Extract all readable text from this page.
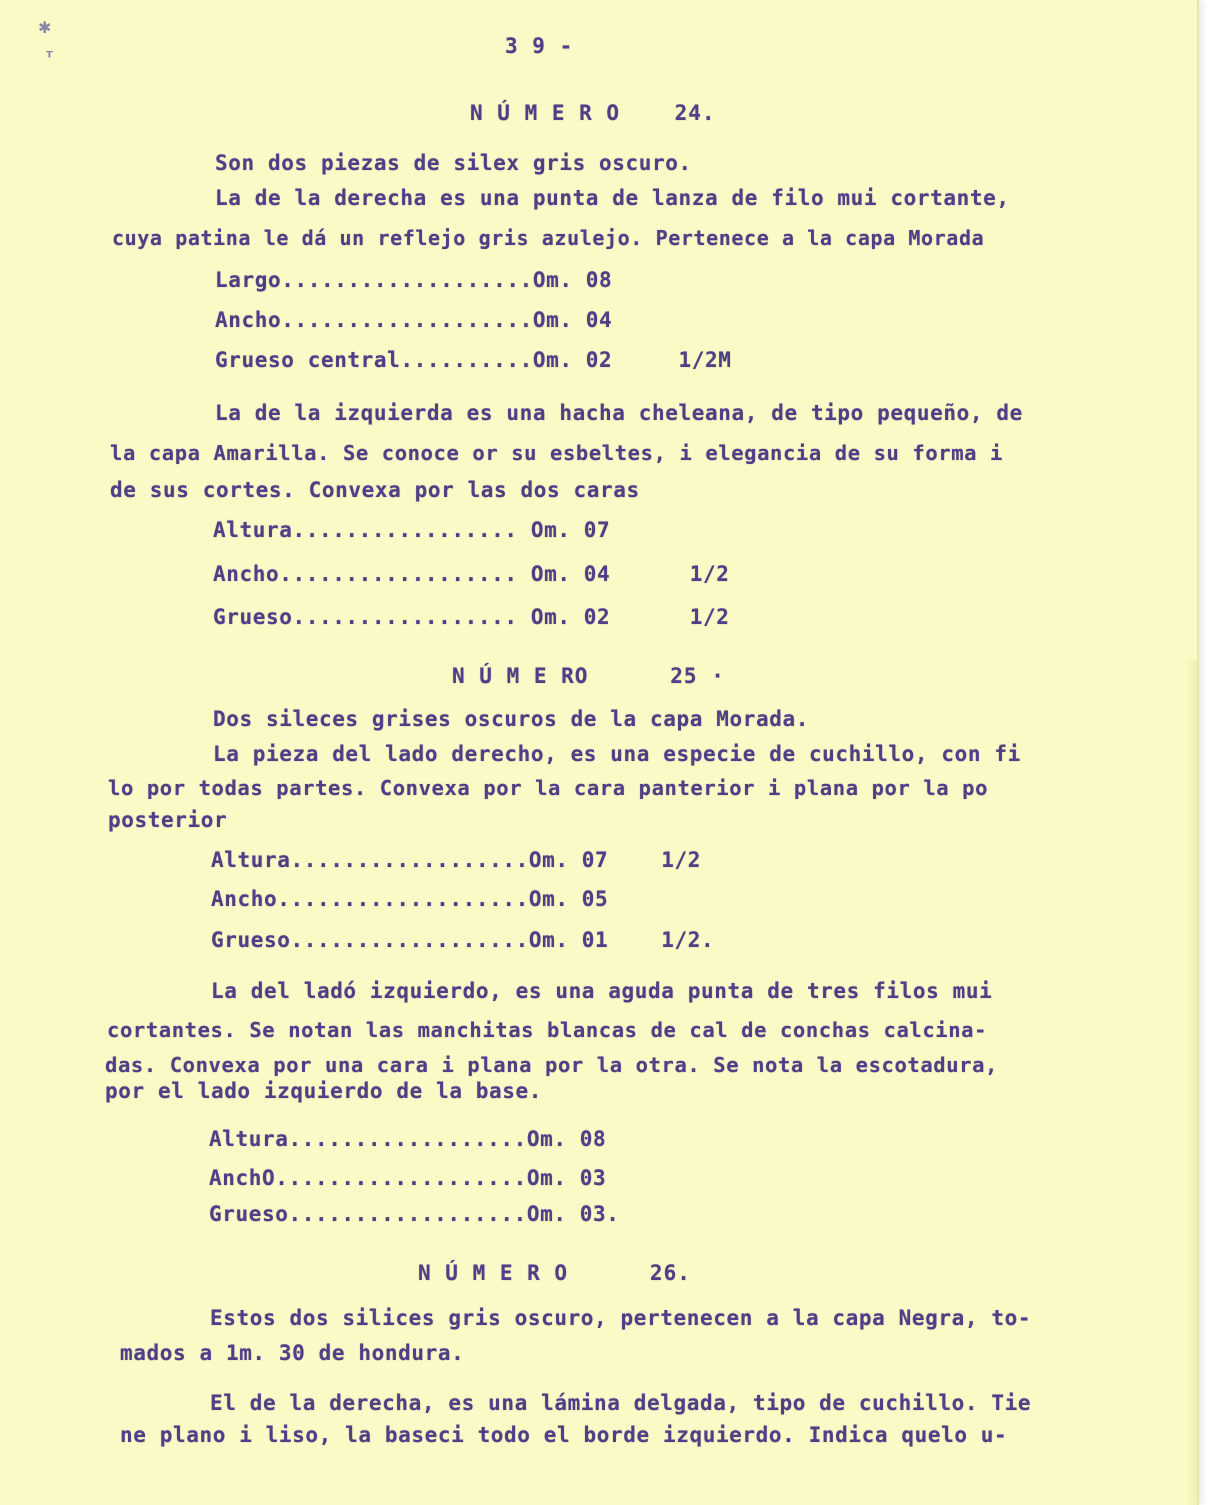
✱
ᵀ	3 9 -

N Ú M E R O    24.

Son dos piezas de silex gris oscuro.

La de la derecha es una punta de lanza de filo mui cortante,

cuya patina le dá un reflejo gris azulejo. Pertenece a la capa Morada

Largo...................Om. 08

Ancho...................Om. 04

Grueso central..........Om. 02     1/2M

La de la izquierda es una hacha cheleana, de tipo pequeño, de

la capa Amarilla. Se conoce or su esbeltes, i elegancia de su forma i

de sus cortes. Convexa por las dos caras

Altura................. Om. 07

Ancho.................. Om. 04      1/2

Grueso................. Om. 02      1/2

N Ú M E RO      25 ·

Dos sileces grises oscuros de la capa Morada.

La pieza del lado derecho, es una especie de cuchillo, con fi

lo por todas partes. Convexa por la cara panterior i plana por la po

posterior

Altura..................Om. 07    1/2

Ancho...................Om. 05

Grueso..................Om. 01    1/2.

La del ladó izquierdo, es una aguda punta de tres filos mui

cortantes. Se notan las manchitas blancas de cal de conchas calcina-

das. Convexa por una cara i plana por la otra. Se nota la escotadura,

por el lado izquierdo de la base.

Altura..................Om. 08

AnchO...................Om. 03

Grueso..................Om. 03.

N Ú M E R O      26.

Estos dos silices gris oscuro, pertenecen a la capa Negra, to-

mados a 1m. 30 de hondura.

El de la derecha, es una lámina delgada, tipo de cuchillo. Tie

ne plano i liso, la baseci todo el borde izquierdo. Indica quelo u-
